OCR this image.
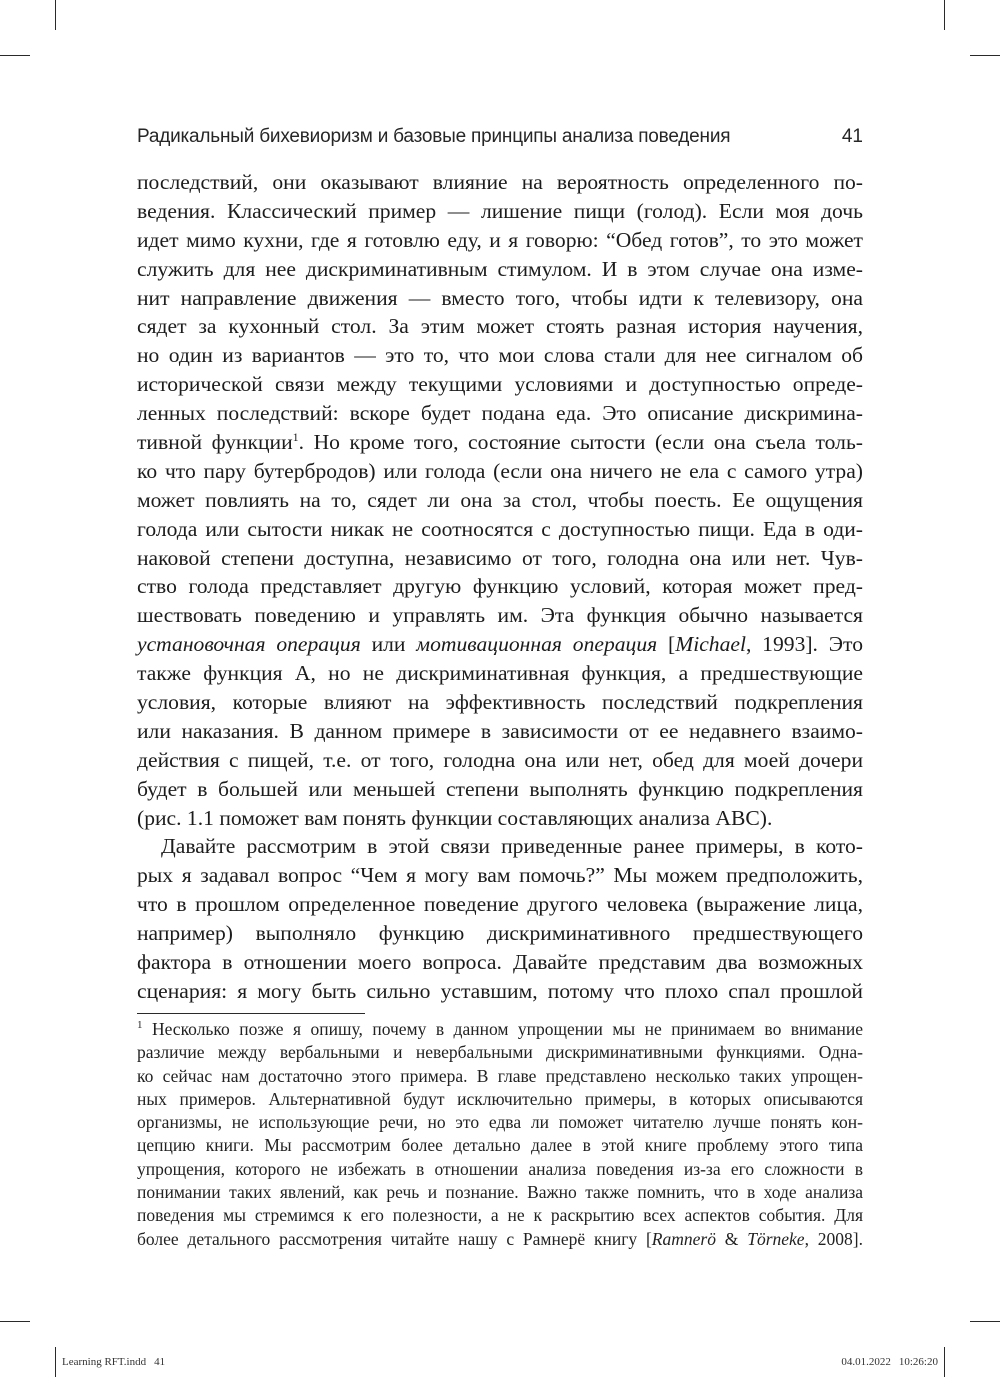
Радикальный бихевиоризм и базовые принципы анализа поведения	41
последствий, они оказывают влияние на вероятность определенного по-
ведения. Классический пример — лишение пищи (голод). Если моя дочь
идет мимо кухни, где я готовлю еду, и я говорю: “Обед готов”, то это может
служить для нее дискриминативным стимулом. И в этом случае она изме-
нит направление движения — вместо того, чтобы идти к телевизору, она
сядет за кухонный стол. За этим может стоять разная история научения,
но один из вариантов — это то, что мои слова стали для нее сигналом об
исторической связи между текущими условиями и доступностью опреде-
ленных последствий: вскоре будет подана еда. Это описание дискримина-
тивной функции$^1$. Но кроме того, состояние сытости (если она съела толь-
ко что пару бутербродов) или голода (если она ничего не ела с самого утра)
может повлиять на то, сядет ли она за стол, чтобы поесть. Ее ощущения
голода или сытости никак не соотносятся с доступностью пищи. Еда в оди-
наковой степени доступна, независимо от того, голодна она или нет. Чув-
ство голода представляет другую функцию условий, которая может пред-
шествовать поведению и управлять им. Эта функция обычно называется
установочная операция или мотивационная операция [Michael, 1993]. Это
также функция А, но не дискриминативная функция, а предшествующие
условия, которые влияют на эффективность последствий подкрепления
или наказания. В данном примере в зависимости от ее недавнего взаимо-
действия с пищей, т.е. от того, голодна она или нет, обед для моей дочери
будет в большей или меньшей степени выполнять функцию подкрепления
(рис. 1.1 поможет вам понять функции составляющих анализа ABC).
Давайте рассмотрим в этой связи приведенные ранее примеры, в кото-
рых я задавал вопрос “Чем я могу вам помочь?” Мы можем предположить,
что в прошлом определенное поведение другого человека (выражение лица,
например) выполняло функцию дискриминативного предшествующего
фактора в отношении моего вопроса. Давайте представим два возможных
сценария: я могу быть сильно уставшим, потому что плохо спал прошлой
$^1$ Несколько позже я опишу, почему в данном упрощении мы не принимаем во внимание
различие между вербальными и невербальными дискриминативными функциями. Одна-
ко сейчас нам достаточно этого примера. В главе представлено несколько таких упрощен-
ных примеров. Альтернативной будут исключительно примеры, в которых описываются
организмы, не использующие речи, но это едва ли поможет читателю лучше понять кон-
цепцию книги. Мы рассмотрим более детально далее в этой книге проблему этого типа
упрощения, которого не избежать в отношении анализа поведения из-за его сложности в
понимании таких явлений, как речь и познание. Важно также помнить, что в ходе анализа
поведения мы стремимся к его полезности, а не к раскрытию всех аспектов события. Для
более детального рассмотрения читайте нашу с Рамнерё книгу [Ramnerö & Törneke, 2008].
Learning RFT.indd 41	04.01.2022 10:26:20
